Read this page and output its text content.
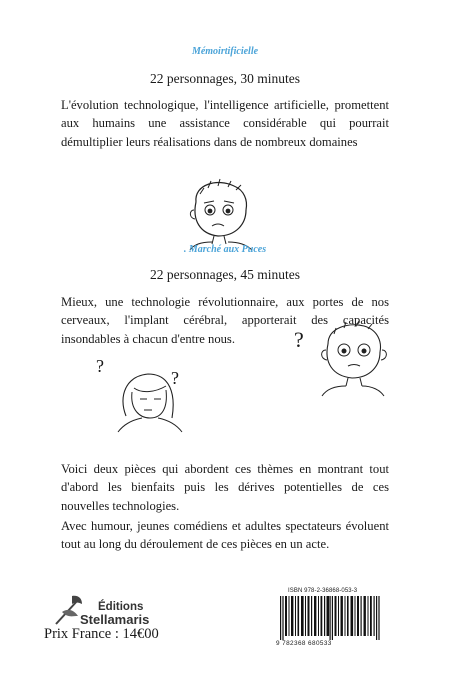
Mémoirtificielle
22 personnages, 30 minutes
L'évolution technologique, l'intelligence artificielle, promettent aux humains une assistance considérable qui pourrait démultiplier leurs réalisations dans de nombreux domaines
. Marché aux Puces
22 personnages, 45 minutes
Mieux, une technologie révolutionnaire, aux portes de nos cerveaux, l'implant cérébral, apporterait des capacités insondables à chacun d'entre nous.
?
?
?
Voici deux pièces qui abordent ces thèmes en montrant tout d'abord les bienfaits puis les dérives potentielles de ces nouvelles technologies.
Avec humour, jeunes comédiens et adultes spectateurs évoluent tout au long du déroulement de ces pièces en un acte.
Éditions
Stellamaris
Prix France : 14€00
ISBN 978-2-36868-053-3
9 782368 680533
